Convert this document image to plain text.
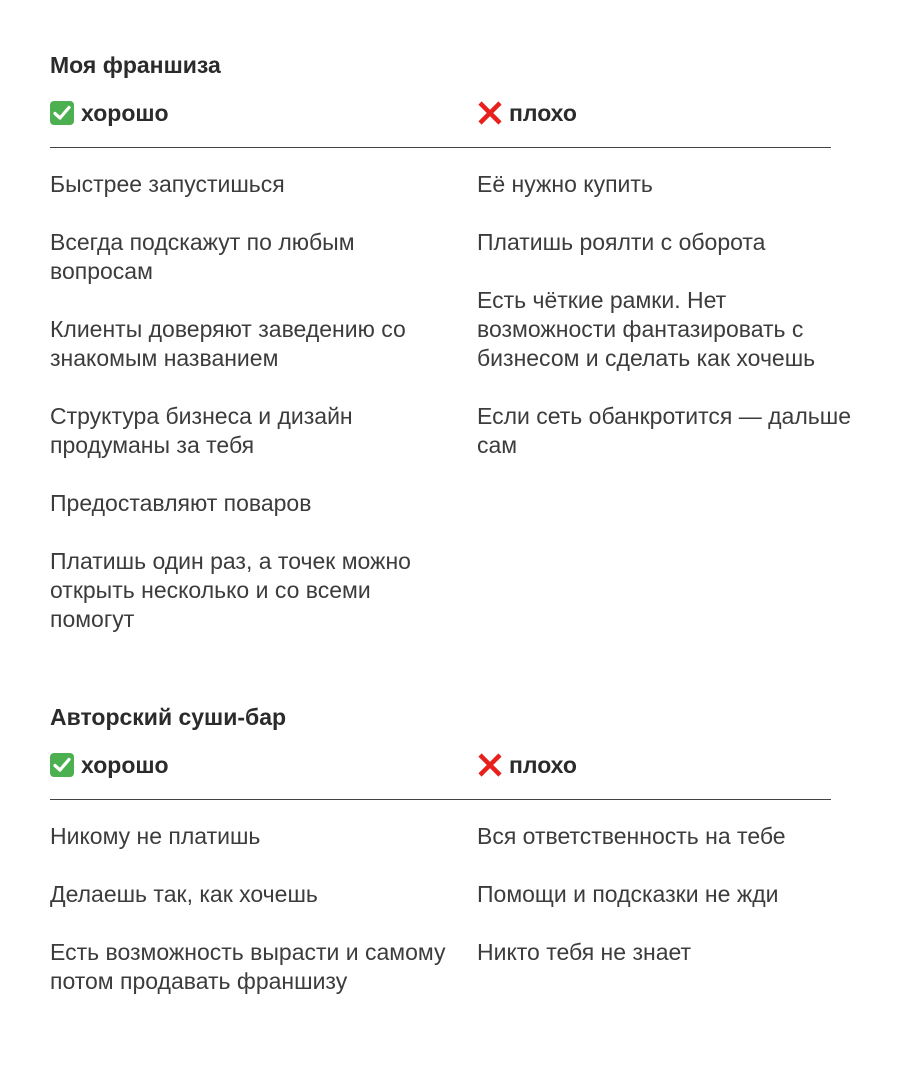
Моя франшиза
хорошо	плохо
Быстрее запустишься
Всегда подскажут по любым вопросам
Клиенты доверяют заведению со знакомым названием
Структура бизнеса и дизайн продуманы за тебя
Предоставляют поваров
Платишь один раз, а точек можно открыть несколько и со всеми помогут
Её нужно купить
Платишь роялти с оборота
Есть чёткие рамки. Нет возможности фантазировать с бизнесом и сделать как хочешь
Если сеть обанкротится — дальше сам
Авторский суши-бар
хорошо	плохо
Никому не платишь
Делаешь так, как хочешь
Есть возможность вырасти и самому потом продавать франшизу
Вся ответственность на тебе
Помощи и подсказки не жди
Никто тебя не знает
